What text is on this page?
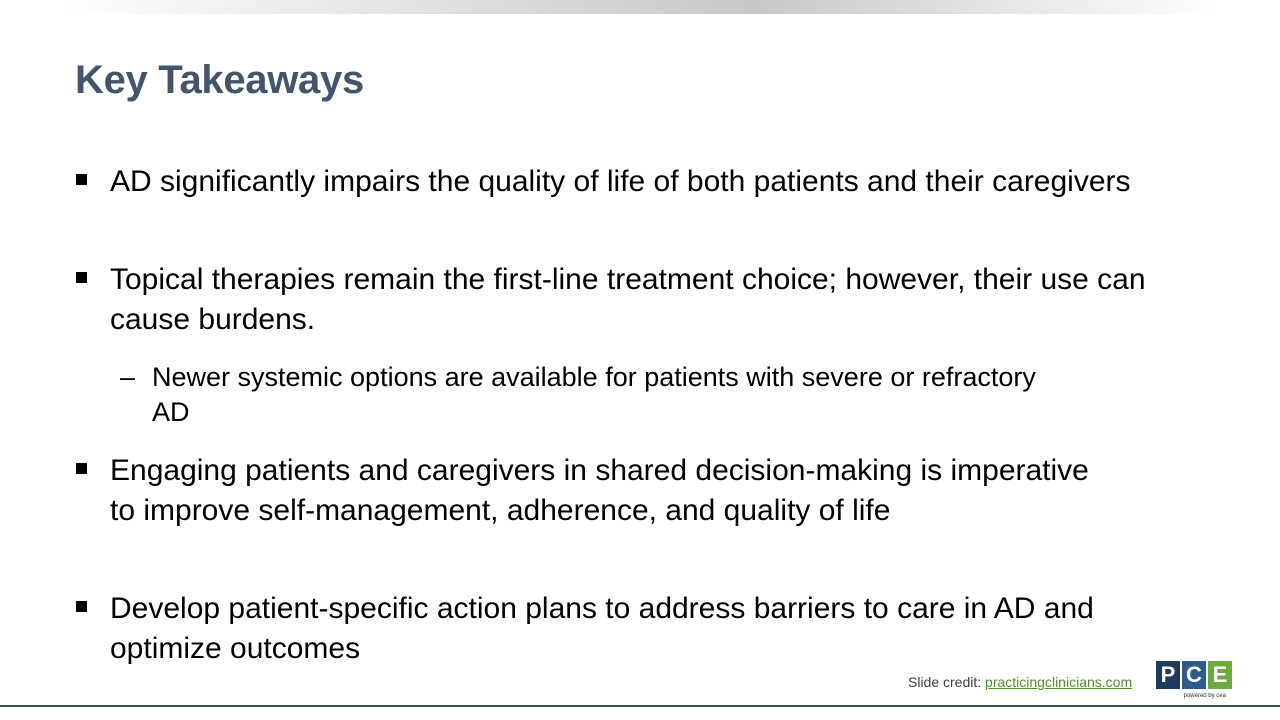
Key Takeaways

AD significantly impairs the quality of life of both patients and their caregivers

Topical therapies remain the first-line treatment choice; however, their use can cause burdens.

– Newer systemic options are available for patients with severe or refractory AD

Engaging patients and caregivers in shared decision-making is imperative to improve self-management, adherence, and quality of life

Develop patient-specific action plans to address barriers to care in AD and optimize outcomes

Slide credit: practicingclinicians.com P C E
powered by cea
